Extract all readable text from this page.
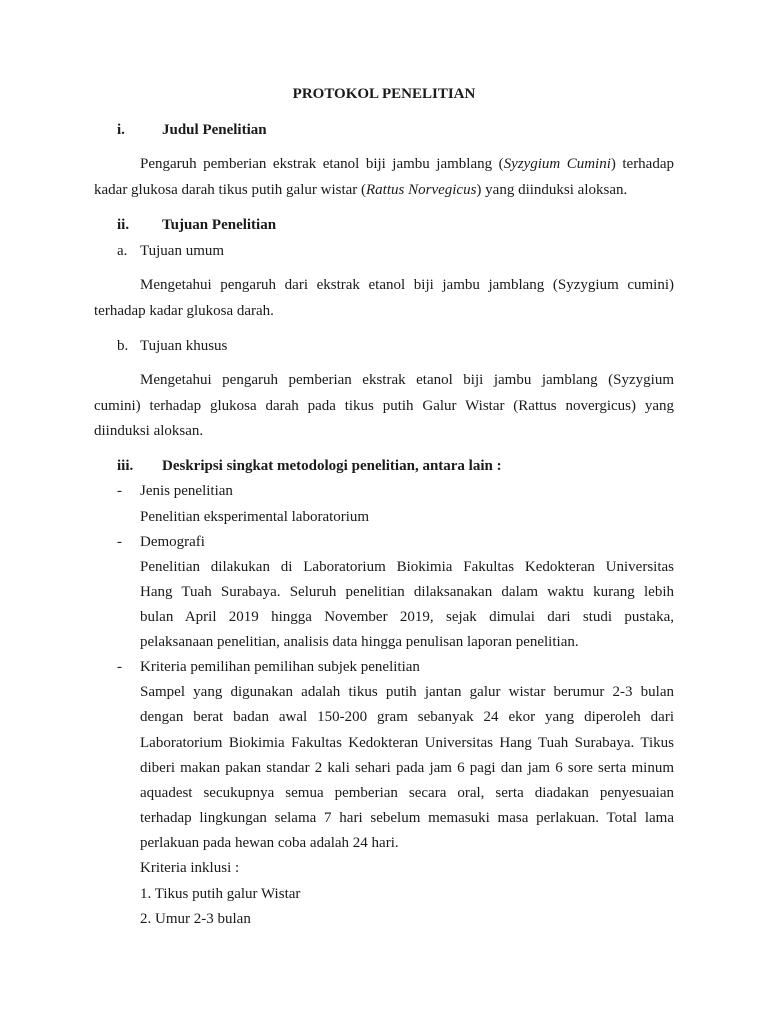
PROTOKOL PENELITIAN
i. Judul Penelitian
Pengaruh pemberian ekstrak etanol biji jambu jamblang (Syzygium Cumini) terhadap
kadar glukosa darah tikus putih galur wistar (Rattus Norvegicus) yang diinduksi aloksan.
ii. Tujuan Penelitian
a. Tujuan umum
Mengetahui pengaruh dari ekstrak etanol biji jambu jamblang (Syzygium cumini)
terhadap kadar glukosa darah.
b. Tujuan khusus
Mengetahui pengaruh pemberian ekstrak etanol biji jambu jamblang (Syzygium
cumini) terhadap glukosa darah pada tikus putih Galur Wistar (Rattus novergicus) yang
diinduksi aloksan.
iii. Deskripsi singkat metodologi penelitian, antara lain :
- Jenis penelitian
Penelitian eksperimental laboratorium
- Demografi
Penelitian dilakukan di Laboratorium Biokimia Fakultas Kedokteran Universitas
Hang Tuah Surabaya. Seluruh penelitian dilaksanakan dalam waktu kurang lebih
bulan April 2019 hingga November 2019, sejak dimulai dari studi pustaka,
pelaksanaan penelitian, analisis data hingga penulisan laporan penelitian.
- Kriteria pemilihan pemilihan subjek penelitian
Sampel yang digunakan adalah tikus putih jantan galur wistar berumur 2-3 bulan
dengan berat badan awal 150-200 gram sebanyak 24 ekor yang diperoleh dari
Laboratorium Biokimia Fakultas Kedokteran Universitas Hang Tuah Surabaya. Tikus
diberi makan pakan standar 2 kali sehari pada jam 6 pagi dan jam 6 sore serta minum
aquadest secukupnya semua pemberian secara oral, serta diadakan penyesuaian
terhadap lingkungan selama 7 hari sebelum memasuki masa perlakuan. Total lama
perlakuan pada hewan coba adalah 24 hari.
Kriteria inklusi :
1. Tikus putih galur Wistar
2. Umur 2-3 bulan
